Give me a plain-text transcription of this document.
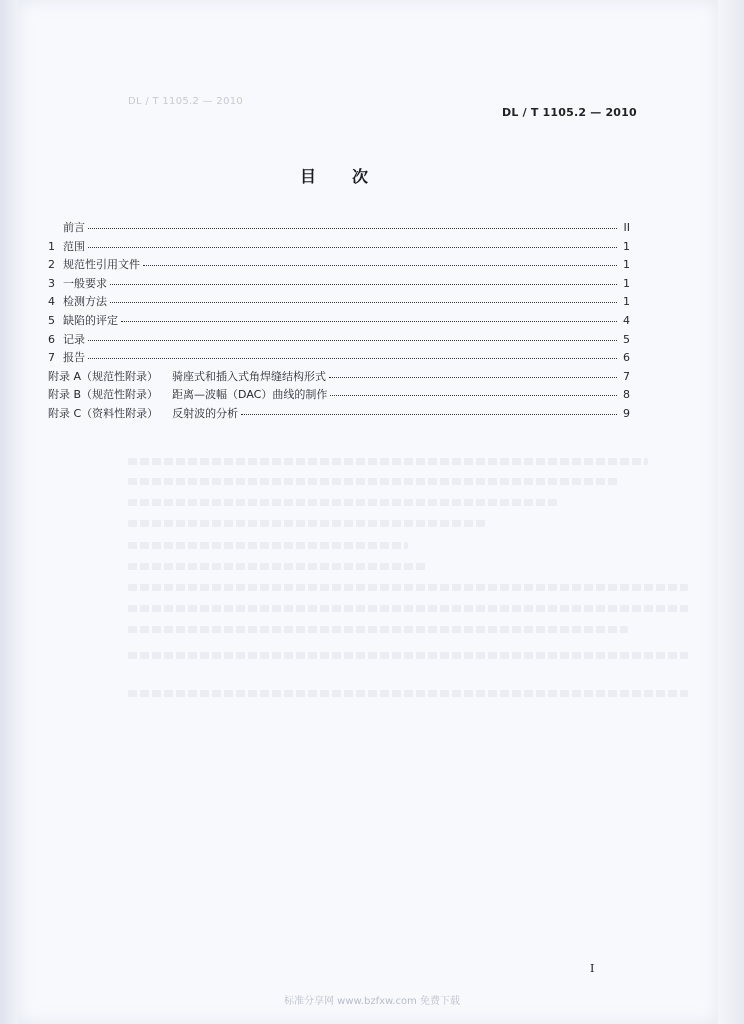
DL / T 1105.2 — 2010
DL / T 1105.2 — 2010
目次
前言	II
1 范围	1
2 规范性引用文件	1
3 一般要求	1
4 检测方法	1
5 缺陷的评定	4
6 记录	5
7 报告	6
附录 A（规范性附录） 骑座式和插入式角焊缝结构形式	7
附录 B（规范性附录） 距离—波幅（DAC）曲线的制作	8
附录 C（资料性附录） 反射波的分析	9
I
标准分享网 www.bzfxw.com 免费下载
